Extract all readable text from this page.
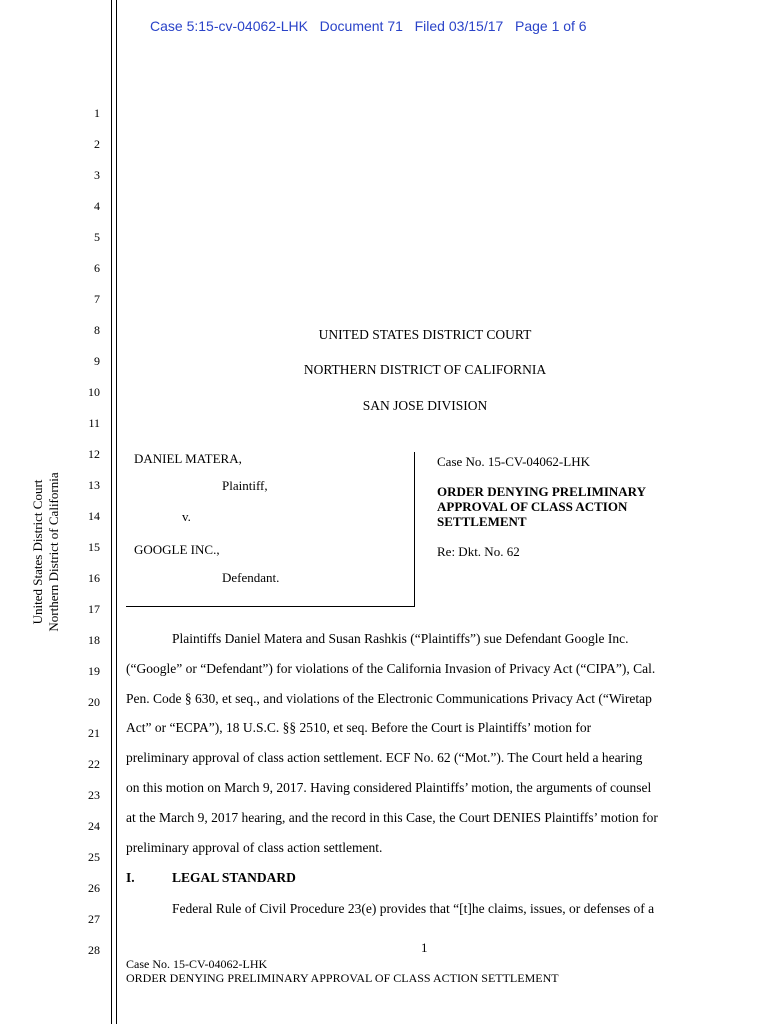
Case 5:15-cv-04062-LHK   Document 71   Filed 03/15/17   Page 1 of 6
United States District Court Northern District of California
1
2
3
4
5
6
7
8
9
10
11
12
13
14
15
16
17
18
19
20
21
22
23
24
25
26
27
28
UNITED STATES DISTRICT COURT
NORTHERN DISTRICT OF CALIFORNIA
SAN JOSE DIVISION
DANIEL MATERA,
Plaintiff,
v.
GOOGLE INC.,
Defendant.
Case No. 15-CV-04062-LHK
ORDER DENYING PRELIMINARY
APPROVAL OF CLASS ACTION
SETTLEMENT
Re: Dkt. No. 62
Plaintiffs Daniel Matera and Susan Rashkis (“Plaintiffs”) sue Defendant Google Inc.
(“Google” or “Defendant”) for violations of the California Invasion of Privacy Act (“CIPA”), Cal.
Pen. Code § 630, et seq., and violations of the Electronic Communications Privacy Act (“Wiretap
Act” or “ECPA”), 18 U.S.C. §§ 2510, et seq. Before the Court is Plaintiffs’ motion for
preliminary approval of class action settlement. ECF No. 62 (“Mot.”). The Court held a hearing
on this motion on March 9, 2017. Having considered Plaintiffs’ motion, the arguments of counsel
at the March 9, 2017 hearing, and the record in this Case, the Court DENIES Plaintiffs’ motion for
preliminary approval of class action settlement.
I.	LEGAL STANDARD
Federal Rule of Civil Procedure 23(e) provides that “[t]he claims, issues, or defenses of a
1
Case No. 15-CV-04062-LHK
ORDER DENYING PRELIMINARY APPROVAL OF CLASS ACTION SETTLEMENT
